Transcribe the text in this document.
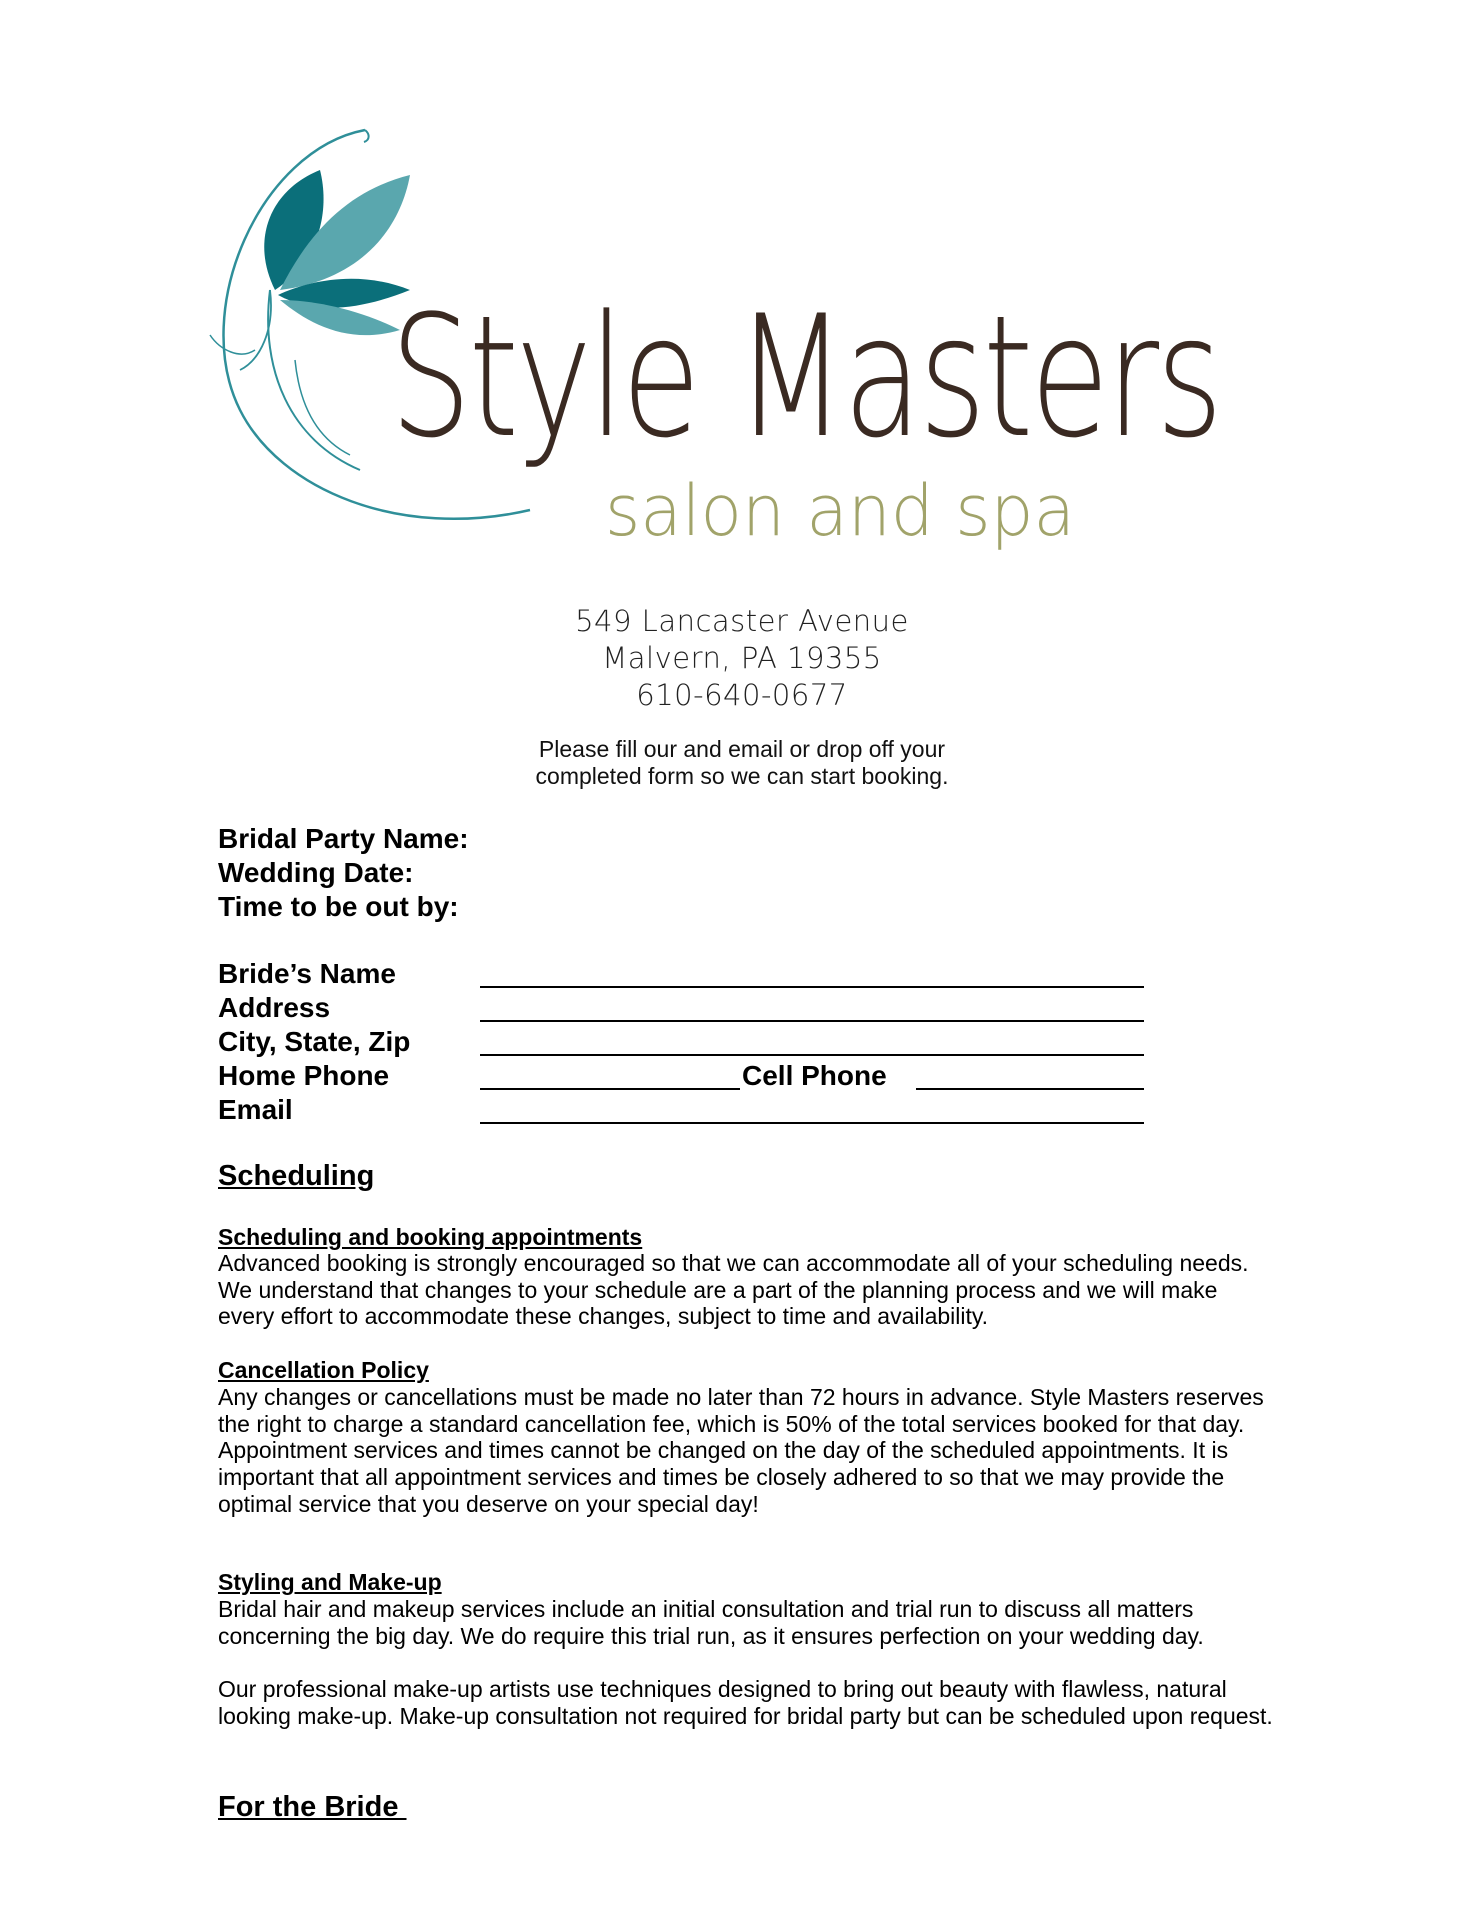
Style Masters
salon and spa
549 Lancaster Avenue
Malvern, PA 19355
610-640-0677
Please fill our and email or drop off your
completed form so we can start booking.
Bridal Party Name:
Wedding Date:
Time to be out by:
Bride’s Name
Address
City, State, Zip
Home Phone	Cell Phone
Email
Scheduling
Scheduling and booking appointments
Advanced booking is strongly encouraged so that we can accommodate all of your scheduling needs. We understand that changes to your schedule are a part of the planning process and we will make every effort to accommodate these changes, subject to time and availability.
Cancellation Policy
Any changes or cancellations must be made no later than 72 hours in advance. Style Masters reserves the right to charge a standard cancellation fee, which is 50% of the total services booked for that day. Appointment services and times cannot be changed on the day of the scheduled appointments. It is important that all appointment services and times be closely adhered to so that we may provide the optimal service that you deserve on your special day!
Styling and Make-up
Bridal hair and makeup services include an initial consultation and trial run to discuss all matters concerning the big day. We do require this trial run, as it ensures perfection on your wedding day.
Our professional make-up artists use techniques designed to bring out beauty with flawless, natural looking make-up. Make-up consultation not required for bridal party but can be scheduled upon request.
For the Bride
